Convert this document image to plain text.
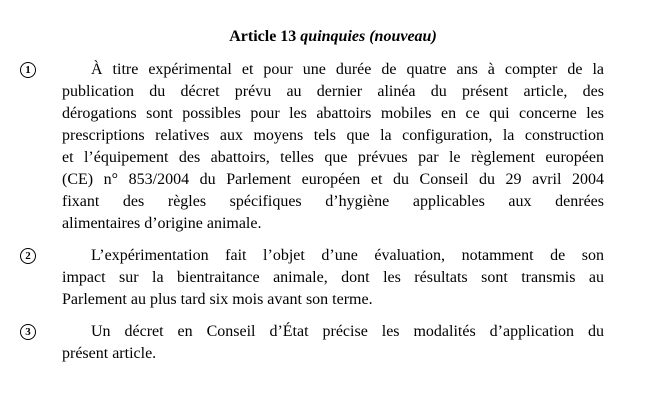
Article 13 quinquies (nouveau)
1	À titre expérimental et pour une durée de quatre ans à compter de la
publication du décret prévu au dernier alinéa du présent article, des
dérogations sont possibles pour les abattoirs mobiles en ce qui concerne les
prescriptions relatives aux moyens tels que la configuration, la construction
et l’équipement des abattoirs, telles que prévues par le règlement européen
(CE) n° 853/2004 du Parlement européen et du Conseil du 29 avril 2004
fixant des règles spécifiques d’hygiène applicables aux denrées
alimentaires d’origine animale.
2	L’expérimentation fait l’objet d’une évaluation, notamment de son
impact sur la bientraitance animale, dont les résultats sont transmis au
Parlement au plus tard six mois avant son terme.
3	Un décret en Conseil d’État précise les modalités d’application du
présent article.
